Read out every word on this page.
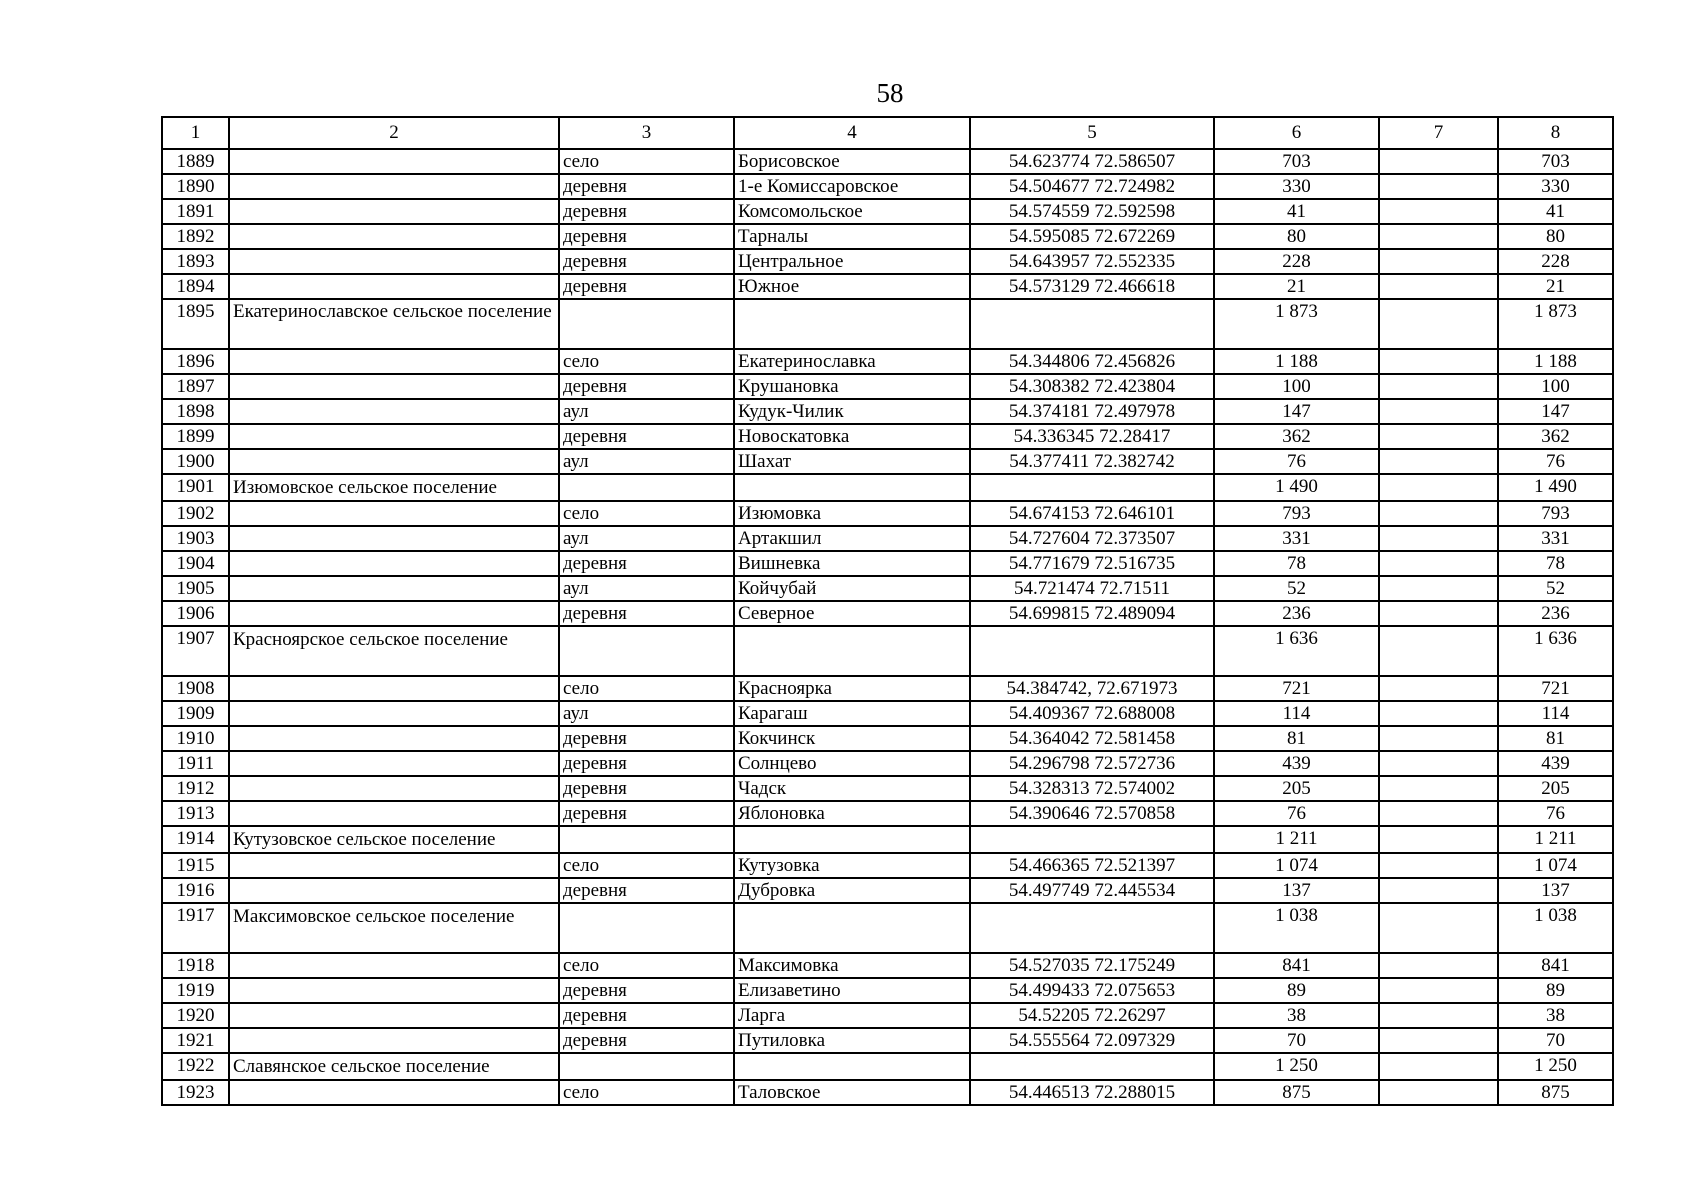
58
1	2	3	4	5	6	7	8
1889		село	Борисовское	54.623774 72.586507	703		703
1890		деревня	1-е Комиссаровское	54.504677 72.724982	330		330
1891		деревня	Комсомольское	54.574559 72.592598	41		41
1892		деревня	Тарналы	54.595085 72.672269	80		80
1893		деревня	Центральное	54.643957 72.552335	228		228
1894		деревня	Южное	54.573129 72.466618	21		21
1895	Екатеринославское сельское поселение				1 873		1 873
1896		село	Екатеринославка	54.344806 72.456826	1 188		1 188
1897		деревня	Крушановка	54.308382 72.423804	100		100
1898		аул	Кудук-Чилик	54.374181 72.497978	147		147
1899		деревня	Новоскатовка	54.336345 72.28417	362		362
1900		аул	Шахат	54.377411 72.382742	76		76
1901	Изюмовское сельское поселение				1 490		1 490
1902		село	Изюмовка	54.674153 72.646101	793		793
1903		аул	Артакшил	54.727604 72.373507	331		331
1904		деревня	Вишневка	54.771679 72.516735	78		78
1905		аул	Койчубай	54.721474 72.71511	52		52
1906		деревня	Северное	54.699815 72.489094	236		236
1907	Красноярское сельское поселение				1 636		1 636
1908		село	Красноярка	54.384742, 72.671973	721		721
1909		аул	Карагаш	54.409367 72.688008	114		114
1910		деревня	Кокчинск	54.364042 72.581458	81		81
1911		деревня	Солнцево	54.296798 72.572736	439		439
1912		деревня	Чадск	54.328313 72.574002	205		205
1913		деревня	Яблоновка	54.390646 72.570858	76		76
1914	Кутузовское сельское поселение				1 211		1 211
1915		село	Кутузовка	54.466365 72.521397	1 074		1 074
1916		деревня	Дубровка	54.497749 72.445534	137		137
1917	Максимовское сельское поселение				1 038		1 038
1918		село	Максимовка	54.527035 72.175249	841		841
1919		деревня	Елизаветино	54.499433 72.075653	89		89
1920		деревня	Ларга	54.52205 72.26297	38		38
1921		деревня	Путиловка	54.555564 72.097329	70		70
1922	Славянское сельское поселение				1 250		1 250
1923		село	Таловское	54.446513 72.288015	875		875
